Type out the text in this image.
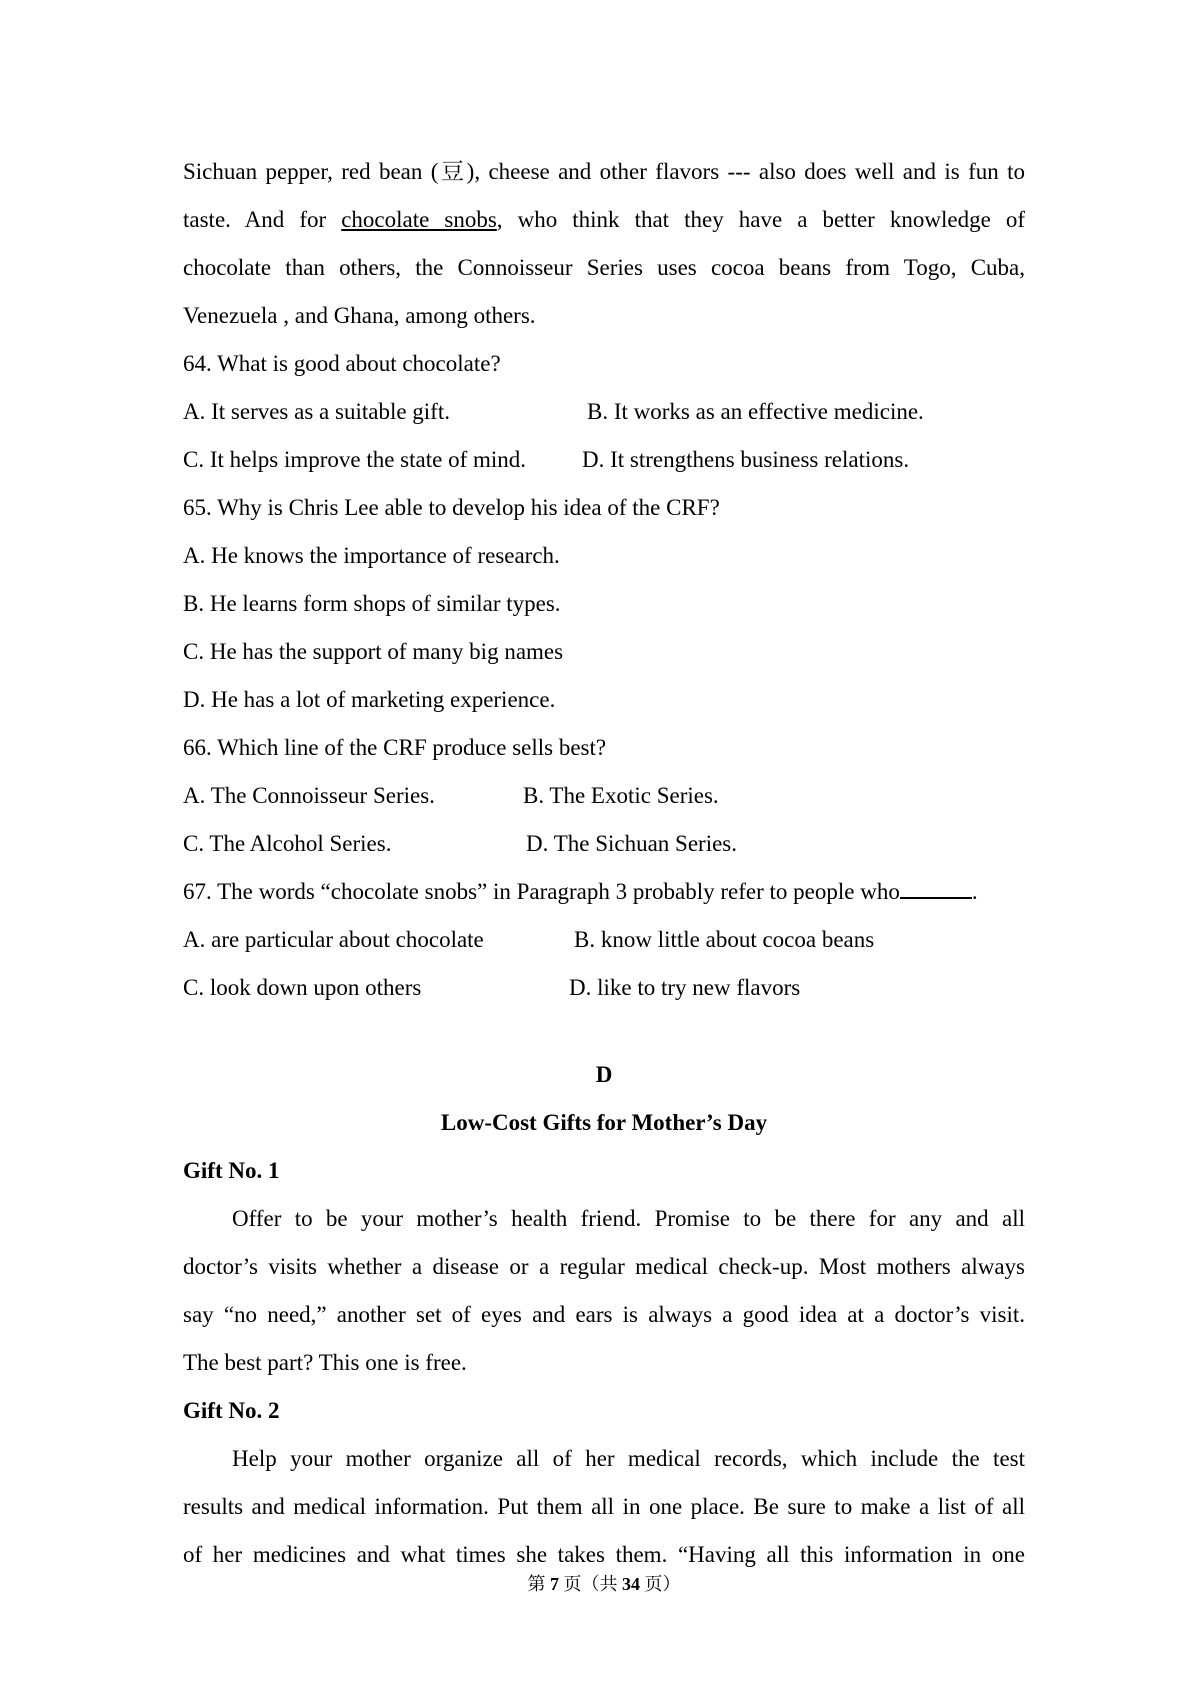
Sichuan pepper, red bean (豆), cheese and other flavors --- also does well and is fun to

taste. And for chocolate snobs, who think that they have a better knowledge of

chocolate than others, the Connoisseur Series uses cocoa beans from Togo, Cuba,

Venezuela , and Ghana, among others.

64. What is good about chocolate?

A. It serves as a suitable gift.	B. It works as an effective medicine.

C. It helps improve the state of mind. D. It strengthens business relations.

65. Why is Chris Lee able to develop his idea of the CRF?

A. He knows the importance of research.

B. He learns form shops of similar types.

C. He has the support of many big names

D. He has a lot of marketing experience.

66. Which line of the CRF produce sells best?

A. The Connoisseur Series.	B. The Exotic Series.

C. The Alcohol Series.	D. The Sichuan Series.

67. The words “chocolate snobs” in Paragraph 3 probably refer to people who	.

A. are particular about chocolate	B. know little about cocoa beans

C. look down upon others	D. like to try new flavors

D

Low-Cost Gifts for Mother’s Day

Gift No. 1

Offer to be your mother’s health friend. Promise to be there for any and all

doctor’s visits whether a disease or a regular medical check-up. Most mothers always

say “no need,” another set of eyes and ears is always a good idea at a doctor’s visit.

The best part? This one is free.

Gift No. 2

Help your mother organize all of her medical records, which include the test

results and medical information. Put them all in one place. Be sure to make a list of all

of her medicines and what times she takes them. “Having all this information in one

第 7 页（共 34 页）
